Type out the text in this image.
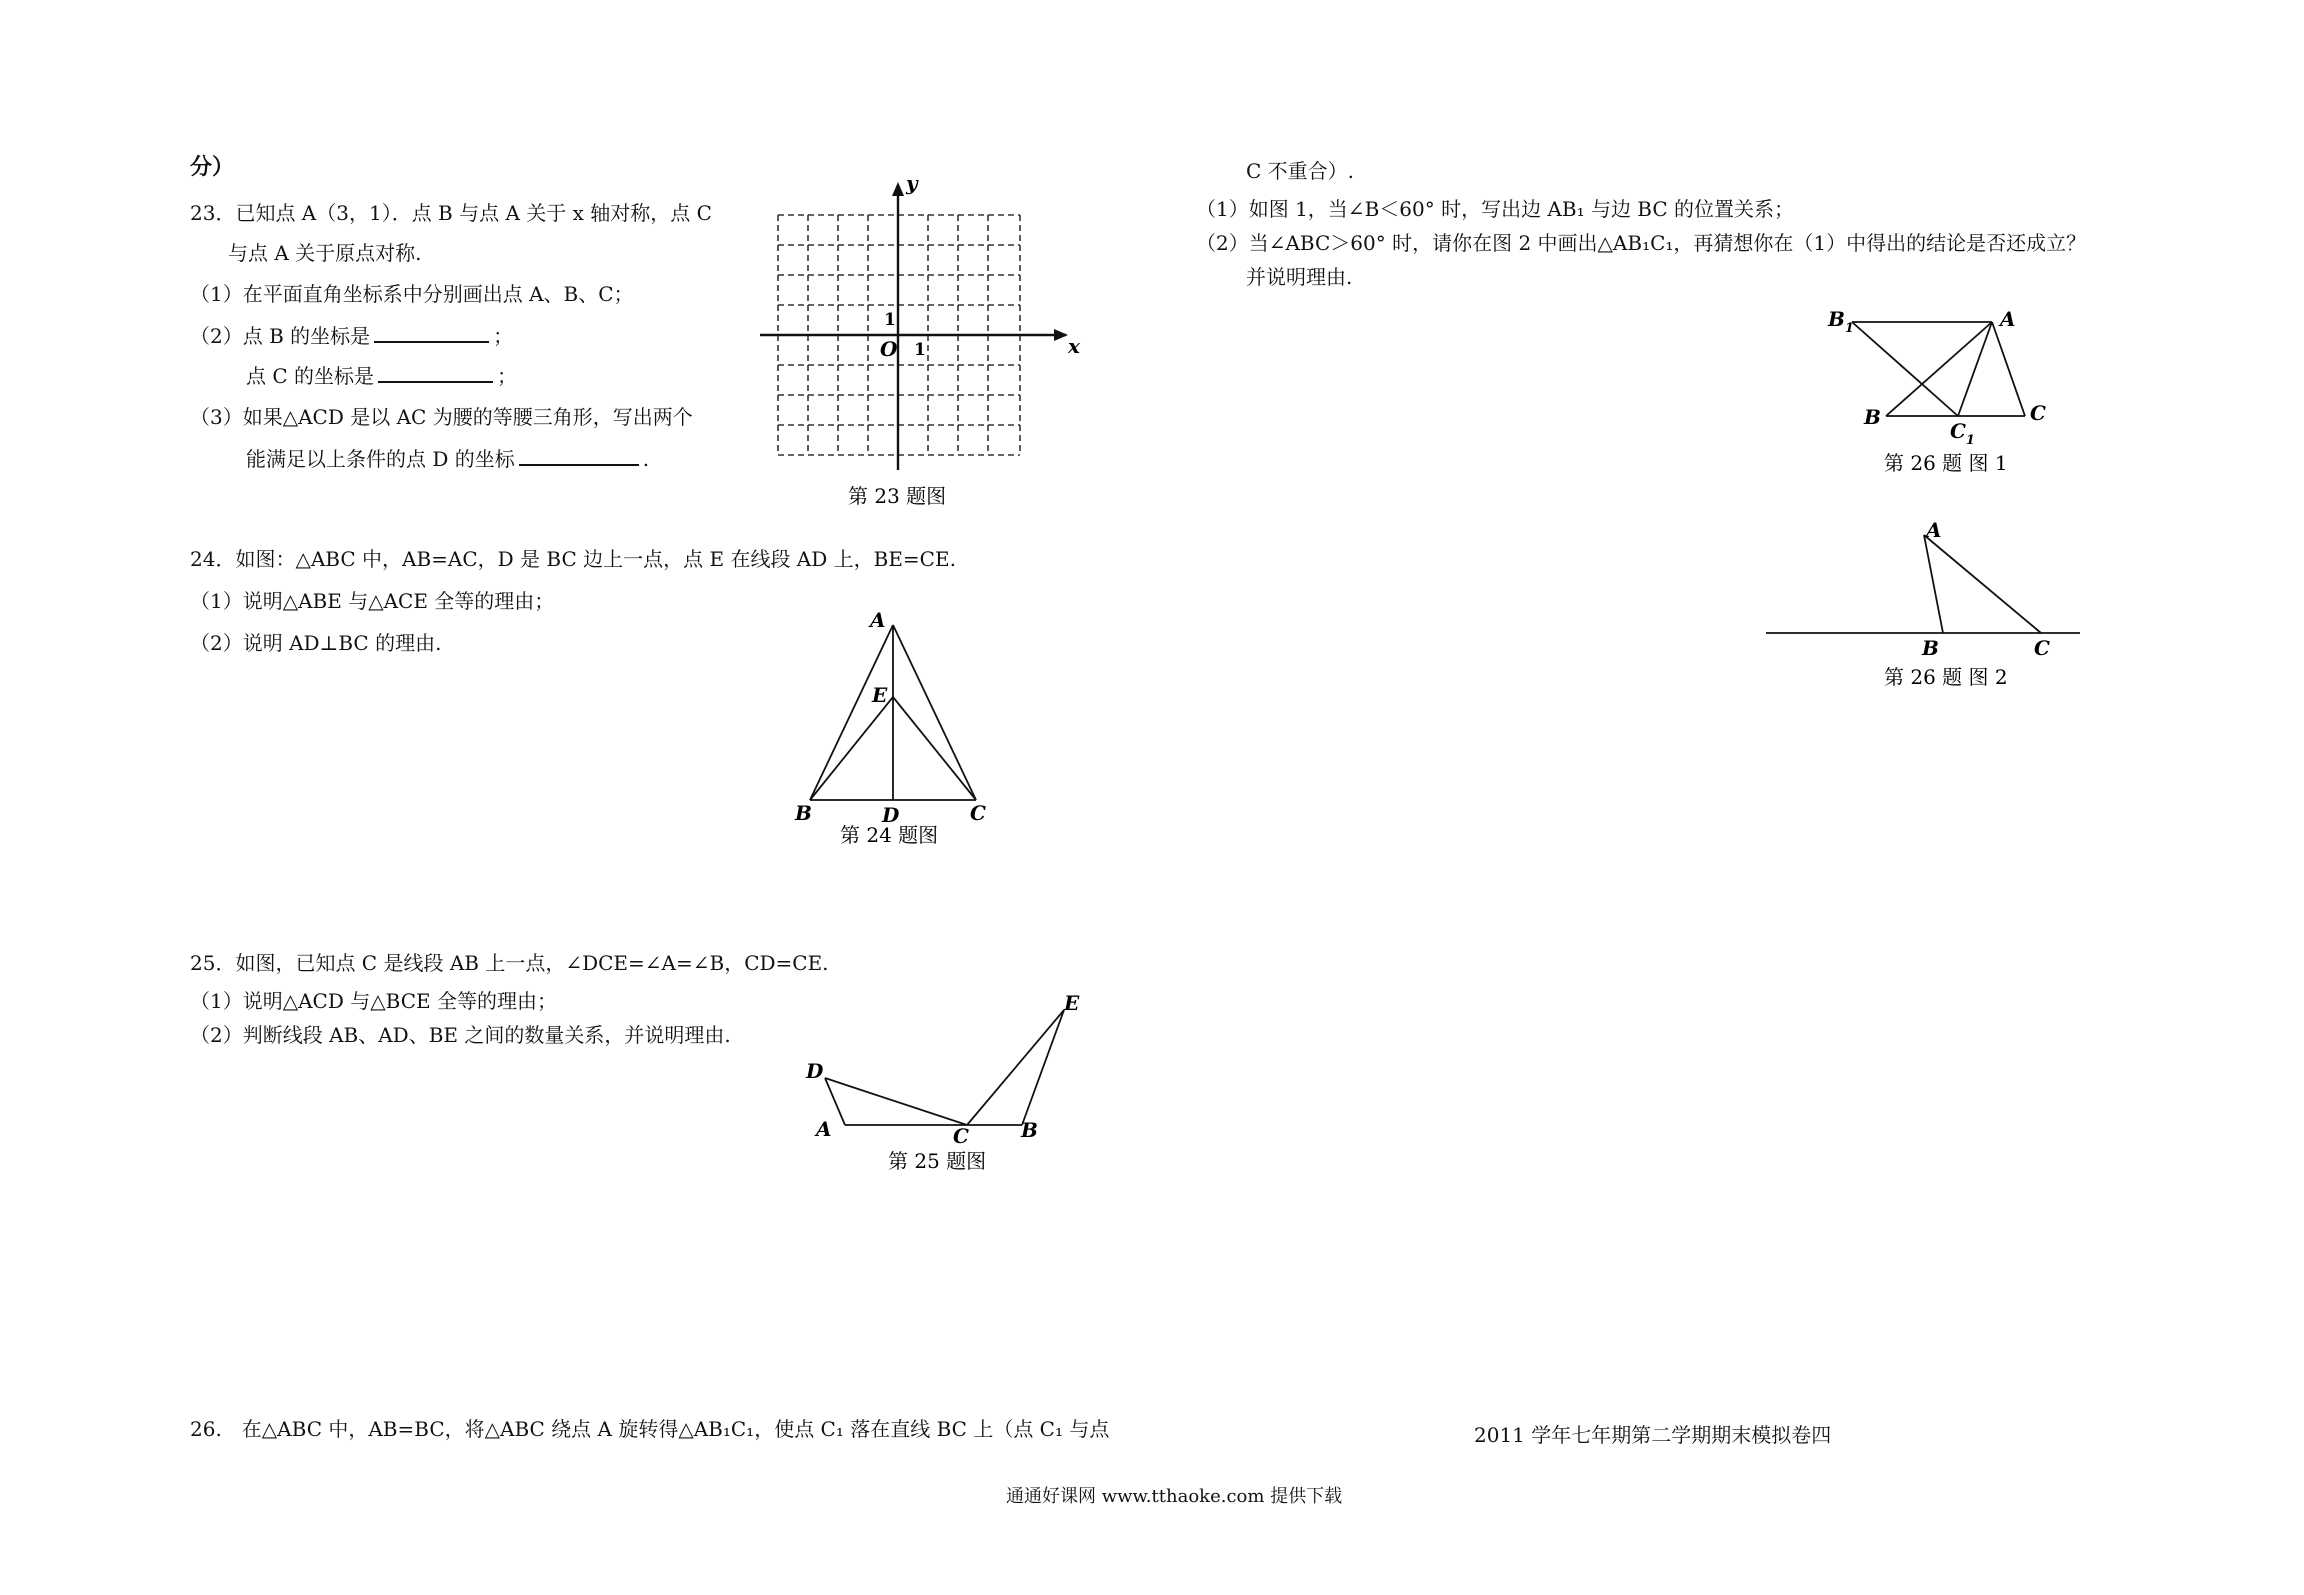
分）
23．已知点 A（3，1）．点 B 与点 A 关于 x 轴对称，点 C
与点 A 关于原点对称.
（1）在平面直角坐标系中分别画出点 A、B、C；
（2）点 B 的坐标是	；
点 C 的坐标是	；
（3）如果△ACD 是以 AC 为腰的等腰三角形，写出两个
能满足以上条件的点 D 的坐标	.
y
x
O
1
1
第 23 题图
24．如图：△ABC 中，AB=AC，D 是 BC 边上一点，点 E 在线段 AD 上，BE=CE.
（1）说明△ABE 与△ACE 全等的理由；
（2）说明 AD⊥BC 的理由.
A
E
B	D	C
第 24 题图
25．如图，已知点 C 是线段 AB 上一点，∠DCE=∠A=∠B，CD=CE.
（1）说明△ACD 与△BCE 全等的理由；
（2）判断线段 AB、AD、BE 之间的数量关系，并说明理由.
D
A	C	B
E
第 25 题图
26.　在△ABC 中，AB=BC，将△ABC 绕点 A 旋转得△AB₁C₁，使点 C₁ 落在直线 BC 上（点 C₁ 与点
C 不重合）.
（1）如图 1，当∠B＜60° 时，写出边 AB₁ 与边 BC 的位置关系；
（2）当∠ABC＞60° 时，请你在图 2 中画出△AB₁C₁，再猜想你在（1）中得出的结论是否还成立？
并说明理由.
$B_1$	A
B
$C_1$
C
第 26 题 图 1
A
B	C
第 26 题 图 2
2011 学年七年期第二学期期末模拟卷四
通通好课网 www.tthaoke.com 提供下载
